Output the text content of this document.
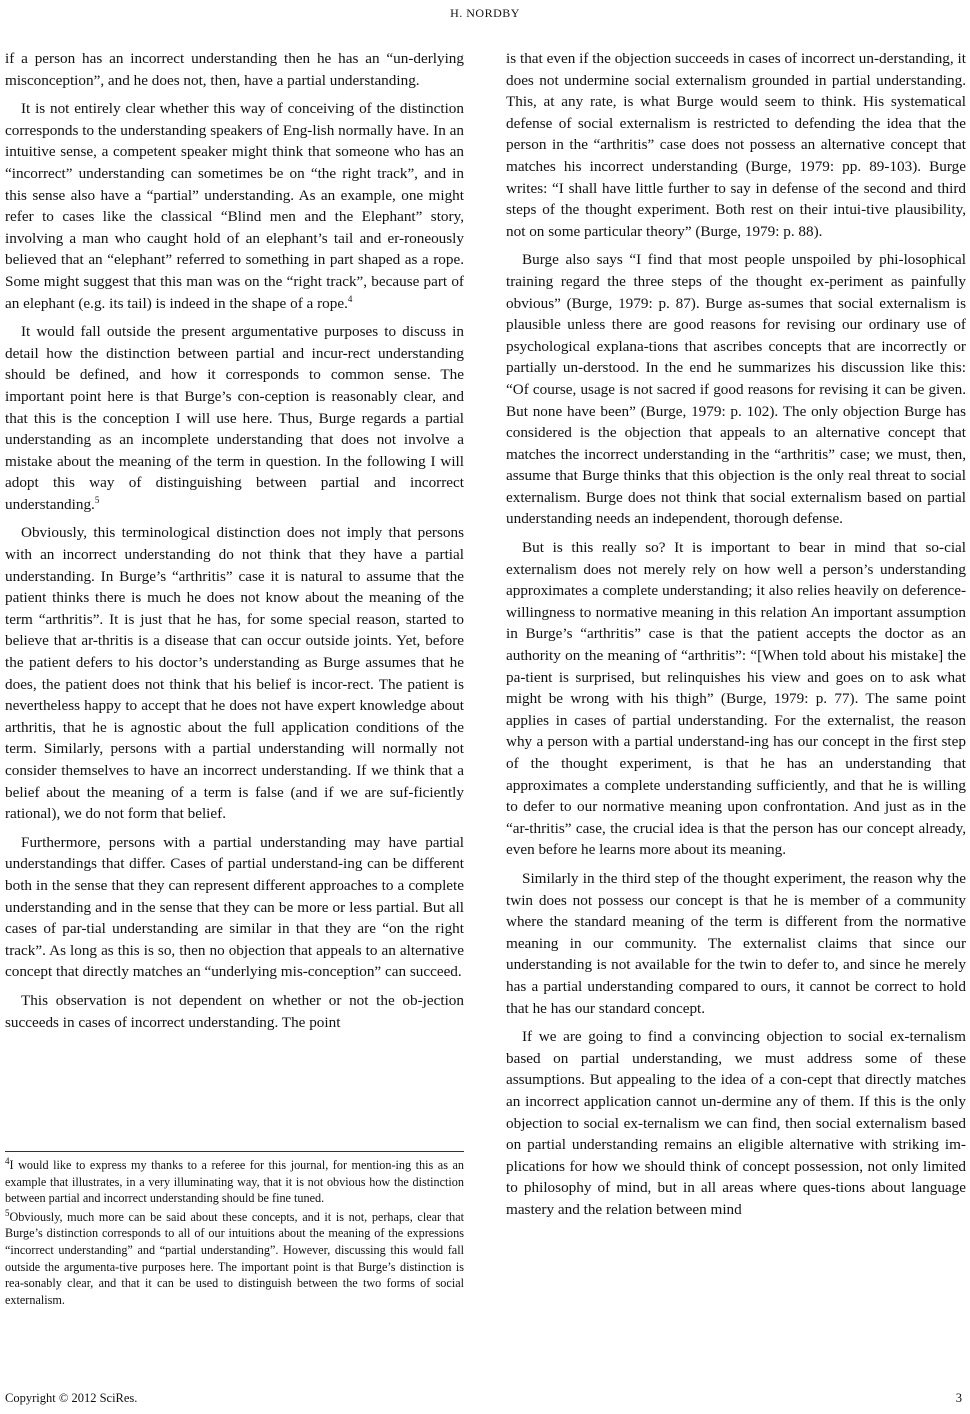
H. NORDBY

if a person has an incorrect understanding then he has an “un-derlying misconception”, and he does not, then, have a partial understanding.

It is not entirely clear whether this way of conceiving of the distinction corresponds to the understanding speakers of Eng-lish normally have. In an intuitive sense, a competent speaker might think that someone who has an “incorrect” understanding can sometimes be on “the right track”, and in this sense also have a “partial” understanding. As an example, one might refer to cases like the classical “Blind men and the Elephant” story, involving a man who caught hold of an elephant’s tail and er-roneously believed that an “elephant” referred to something in part shaped as a rope. Some might suggest that this man was on the “right track”, because part of an elephant (e.g. its tail) is indeed in the shape of a rope.$^4$

It would fall outside the present argumentative purposes to discuss in detail how the distinction between partial and incur-rect understanding should be defined, and how it corresponds to common sense. The important point here is that Burge’s con-ception is reasonably clear, and that this is the conception I will use here. Thus, Burge regards a partial understanding as an incomplete understanding that does not involve a mistake about the meaning of the term in question. In the following I will adopt this way of distinguishing between partial and incorrect understanding.$^5$

Obviously, this terminological distinction does not imply that persons with an incorrect understanding do not think that they have a partial understanding. In Burge’s “arthritis” case it is natural to assume that the patient thinks there is much he does not know about the meaning of the term “arthritis”. It is just that he has, for some special reason, started to believe that ar-thritis is a disease that can occur outside joints. Yet, before the patient defers to his doctor’s understanding as Burge assumes that he does, the patient does not think that his belief is incor-rect. The patient is nevertheless happy to accept that he does not have expert knowledge about arthritis, that he is agnostic about the full application conditions of the term. Similarly, persons with a partial understanding will normally not consider themselves to have an incorrect understanding. If we think that a belief about the meaning of a term is false (and if we are suf-ficiently rational), we do not form that belief.

Furthermore, persons with a partial understanding may have partial understandings that differ. Cases of partial understand-ing can be different both in the sense that they can represent different approaches to a complete understanding and in the sense that they can be more or less partial. But all cases of par-tial understanding are similar in that they are “on the right track”. As long as this is so, then no objection that appeals to an alternative concept that directly matches an “underlying mis-conception” can succeed.

This observation is not dependent on whether or not the ob-jection succeeds in cases of incorrect understanding. The point

$^4$I would like to express my thanks to a referee for this journal, for mention-ing this as an example that illustrates, in a very illuminating way, that it is not obvious how the distinction between partial and incorrect understanding should be fine tuned.

$^5$Obviously, much more can be said about these concepts, and it is not, perhaps, clear that Burge’s distinction corresponds to all of our intuitions about the meaning of the expressions “incorrect understanding” and “partial understanding”. However, discussing this would fall outside the argumenta-tive purposes here. The important point is that Burge’s distinction is rea-sonably clear, and that it can be used to distinguish between the two forms of social externalism.

is that even if the objection succeeds in cases of incorrect un-derstanding, it does not undermine social externalism grounded in partial understanding. This, at any rate, is what Burge would seem to think. His systematical defense of social externalism is restricted to defending the idea that the person in the “arthritis” case does not possess an alternative concept that matches his incorrect understanding (Burge, 1979: pp. 89-103). Burge writes: “I shall have little further to say in defense of the second and third steps of the thought experiment. Both rest on their intui-tive plausibility, not on some particular theory” (Burge, 1979: p. 88).

Burge also says “I find that most people unspoiled by phi-losophical training regard the three steps of the thought ex-periment as painfully obvious” (Burge, 1979: p. 87). Burge as-sumes that social externalism is plausible unless there are good reasons for revising our ordinary use of psychological explana-tions that ascribes concepts that are incorrectly or partially un-derstood. In the end he summarizes his discussion like this: “Of course, usage is not sacred if good reasons for revising it can be given. But none have been” (Burge, 1979: p. 102). The only objection Burge has considered is the objection that appeals to an alternative concept that matches the incorrect understanding in the “arthritis” case; we must, then, assume that Burge thinks that this objection is the only real threat to social externalism. Burge does not think that social externalism based on partial understanding needs an independent, thorough defense.

But is this really so? It is important to bear in mind that so-cial externalism does not merely rely on how well a person’s understanding approximates a complete understanding; it also relies heavily on deference-willingness to normative meaning in this relation An important assumption in Burge’s “arthritis” case is that the patient accepts the doctor as an authority on the meaning of “arthritis”: “[When told about his mistake] the pa-tient is surprised, but relinquishes his view and goes on to ask what might be wrong with his thigh” (Burge, 1979: p. 77). The same point applies in cases of partial understanding. For the externalist, the reason why a person with a partial understand-ing has our concept in the first step of the thought experiment, is that he has an understanding that approximates a complete understanding sufficiently, and that he is willing to defer to our normative meaning upon confrontation. And just as in the “ar-thritis” case, the crucial idea is that the person has our concept already, even before he learns more about its meaning.

Similarly in the third step of the thought experiment, the reason why the twin does not possess our concept is that he is member of a community where the standard meaning of the term is different from the normative meaning in our community. The externalist claims that since our understanding is not available for the twin to defer to, and since he merely has a partial understanding compared to ours, it cannot be correct to hold that he has our standard concept.

If we are going to find a convincing objection to social ex-ternalism based on partial understanding, we must address some of these assumptions. But appealing to the idea of a con-cept that directly matches an incorrect application cannot un-dermine any of them. If this is the only objection to social ex-ternalism we can find, then social externalism based on partial understanding remains an eligible alternative with striking im-plications for how we should think of concept possession, not only limited to philosophy of mind, but in all areas where ques-tions about language mastery and the relation between mind

Copyright © 2012 SciRes.	3
